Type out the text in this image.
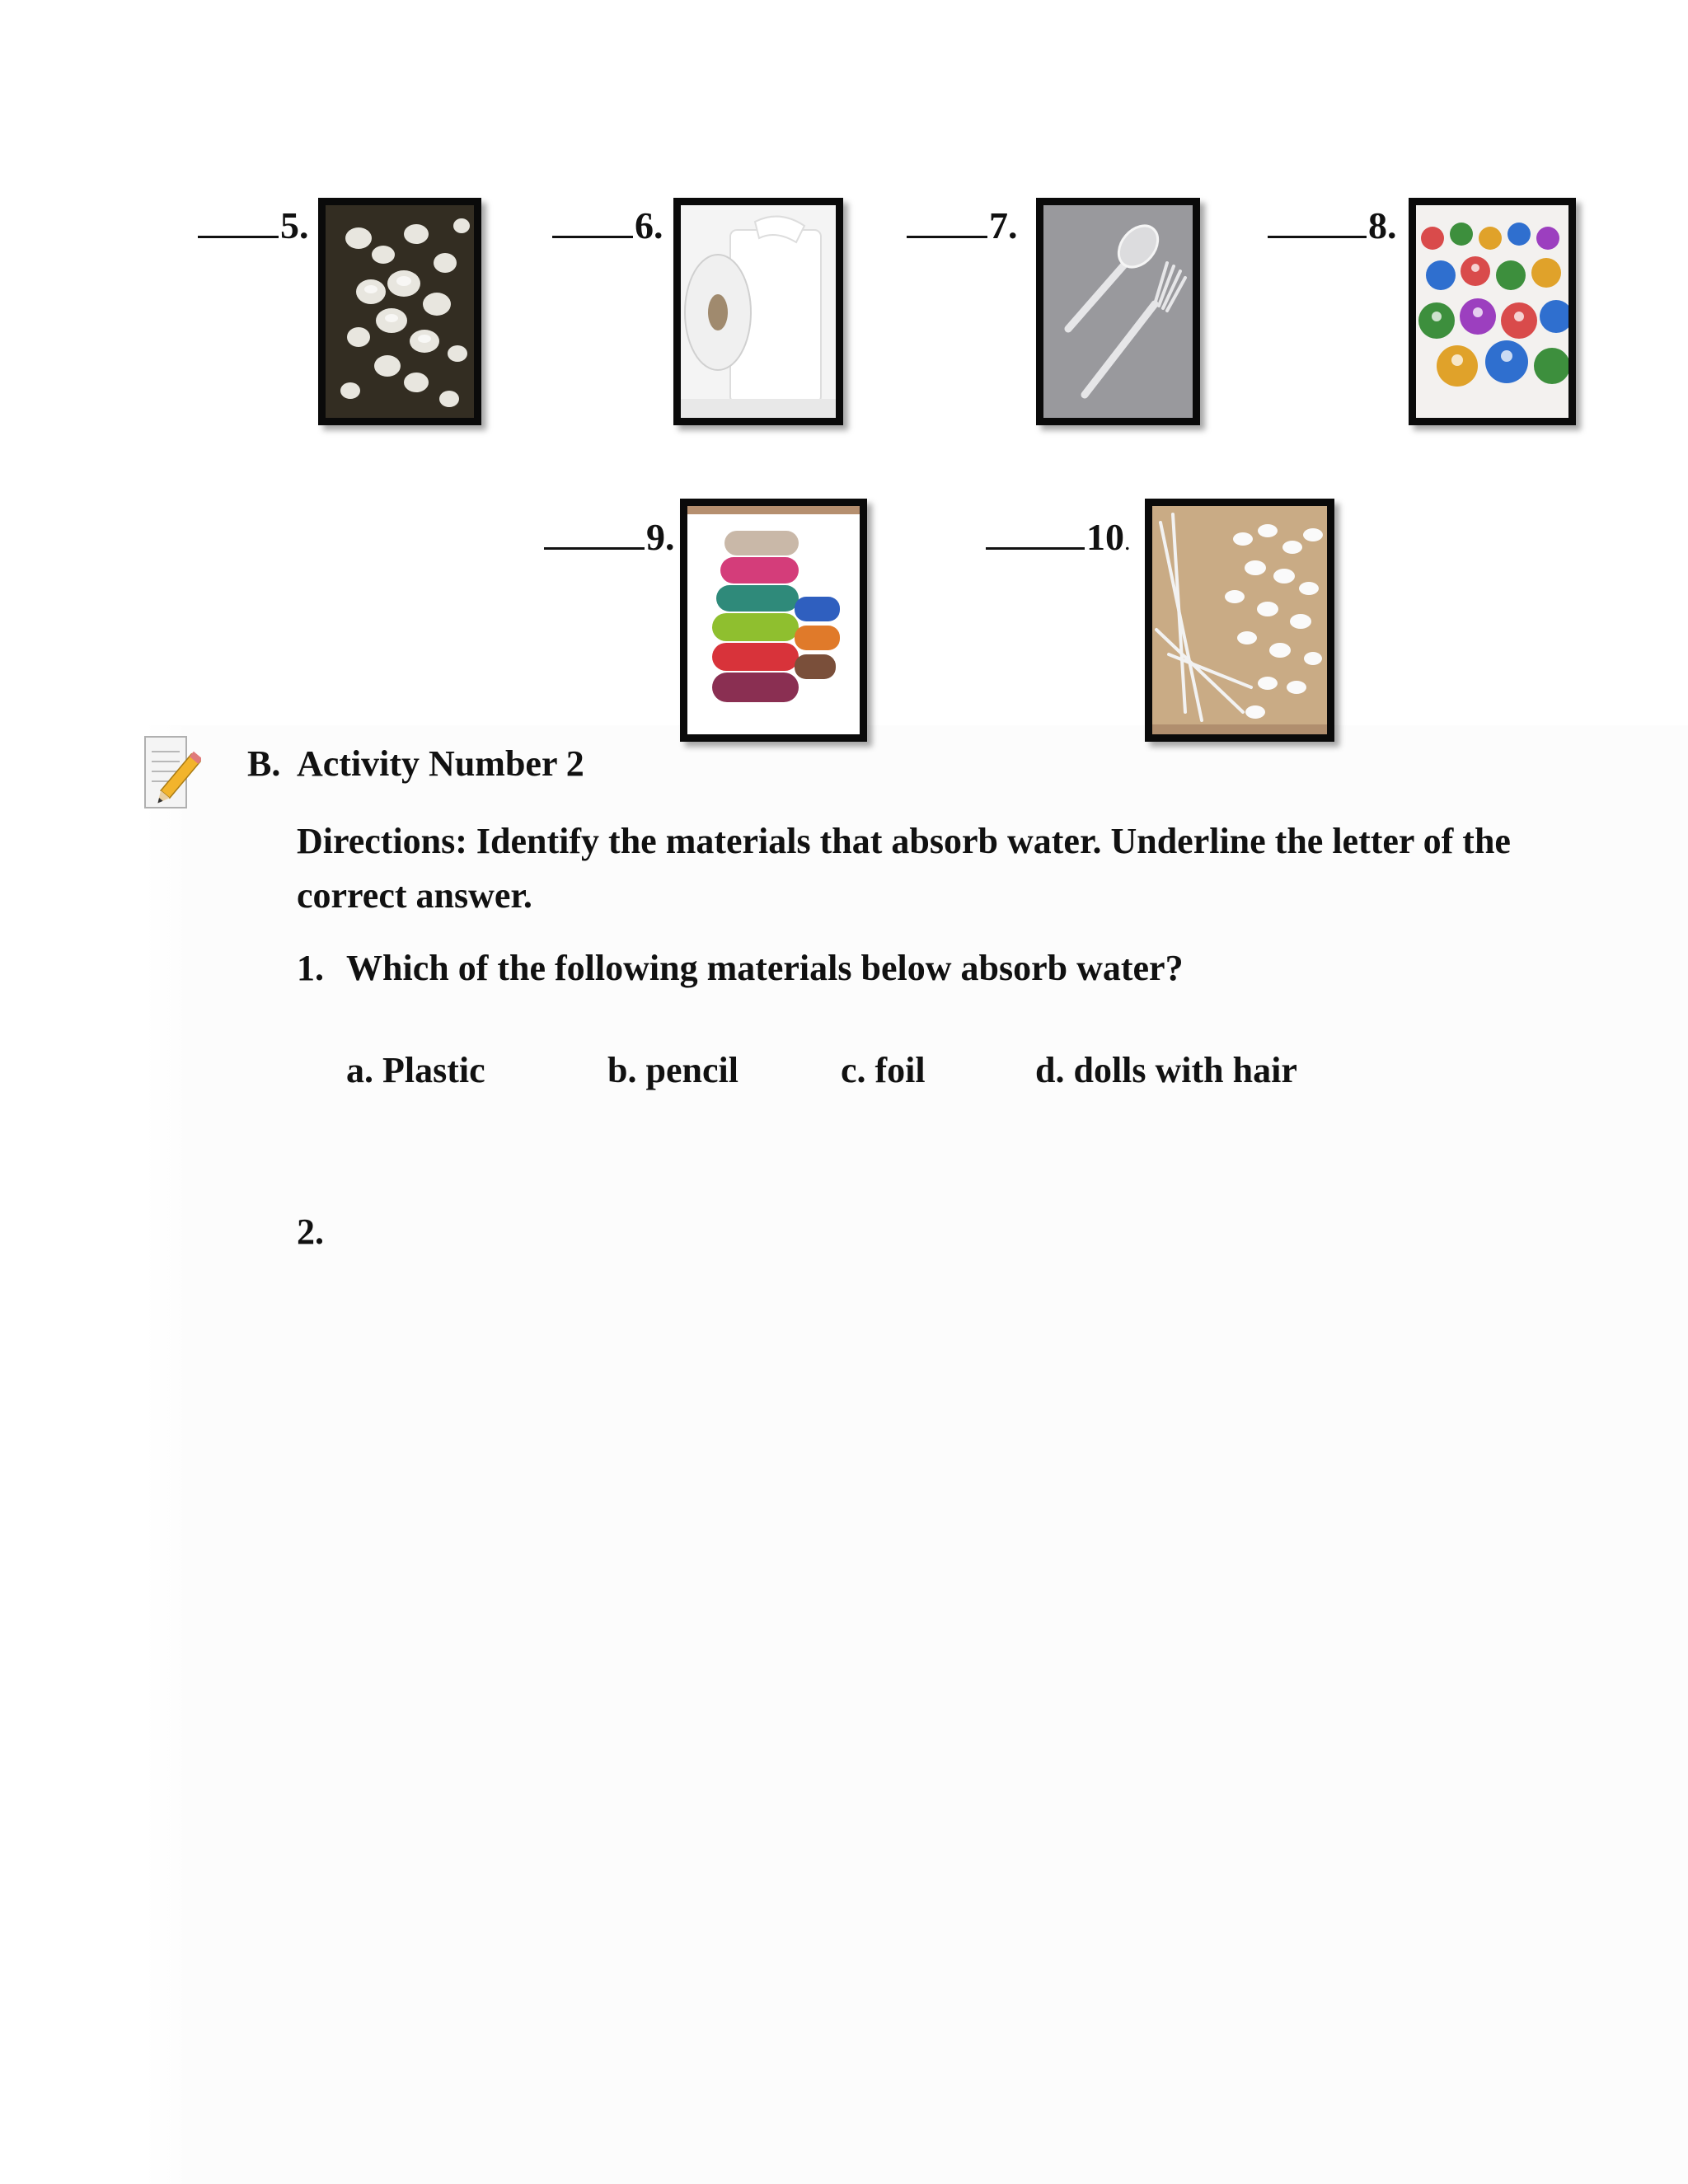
5.	6.	7.	8.
9.	10.
B. Activity Number 2
Directions: Identify the materials that absorb water. Underline the letter of the correct answer.
1. Which of the following materials below absorb water?
a. Plastic	b. pencil	c. foil	d. dolls with hair
2.
